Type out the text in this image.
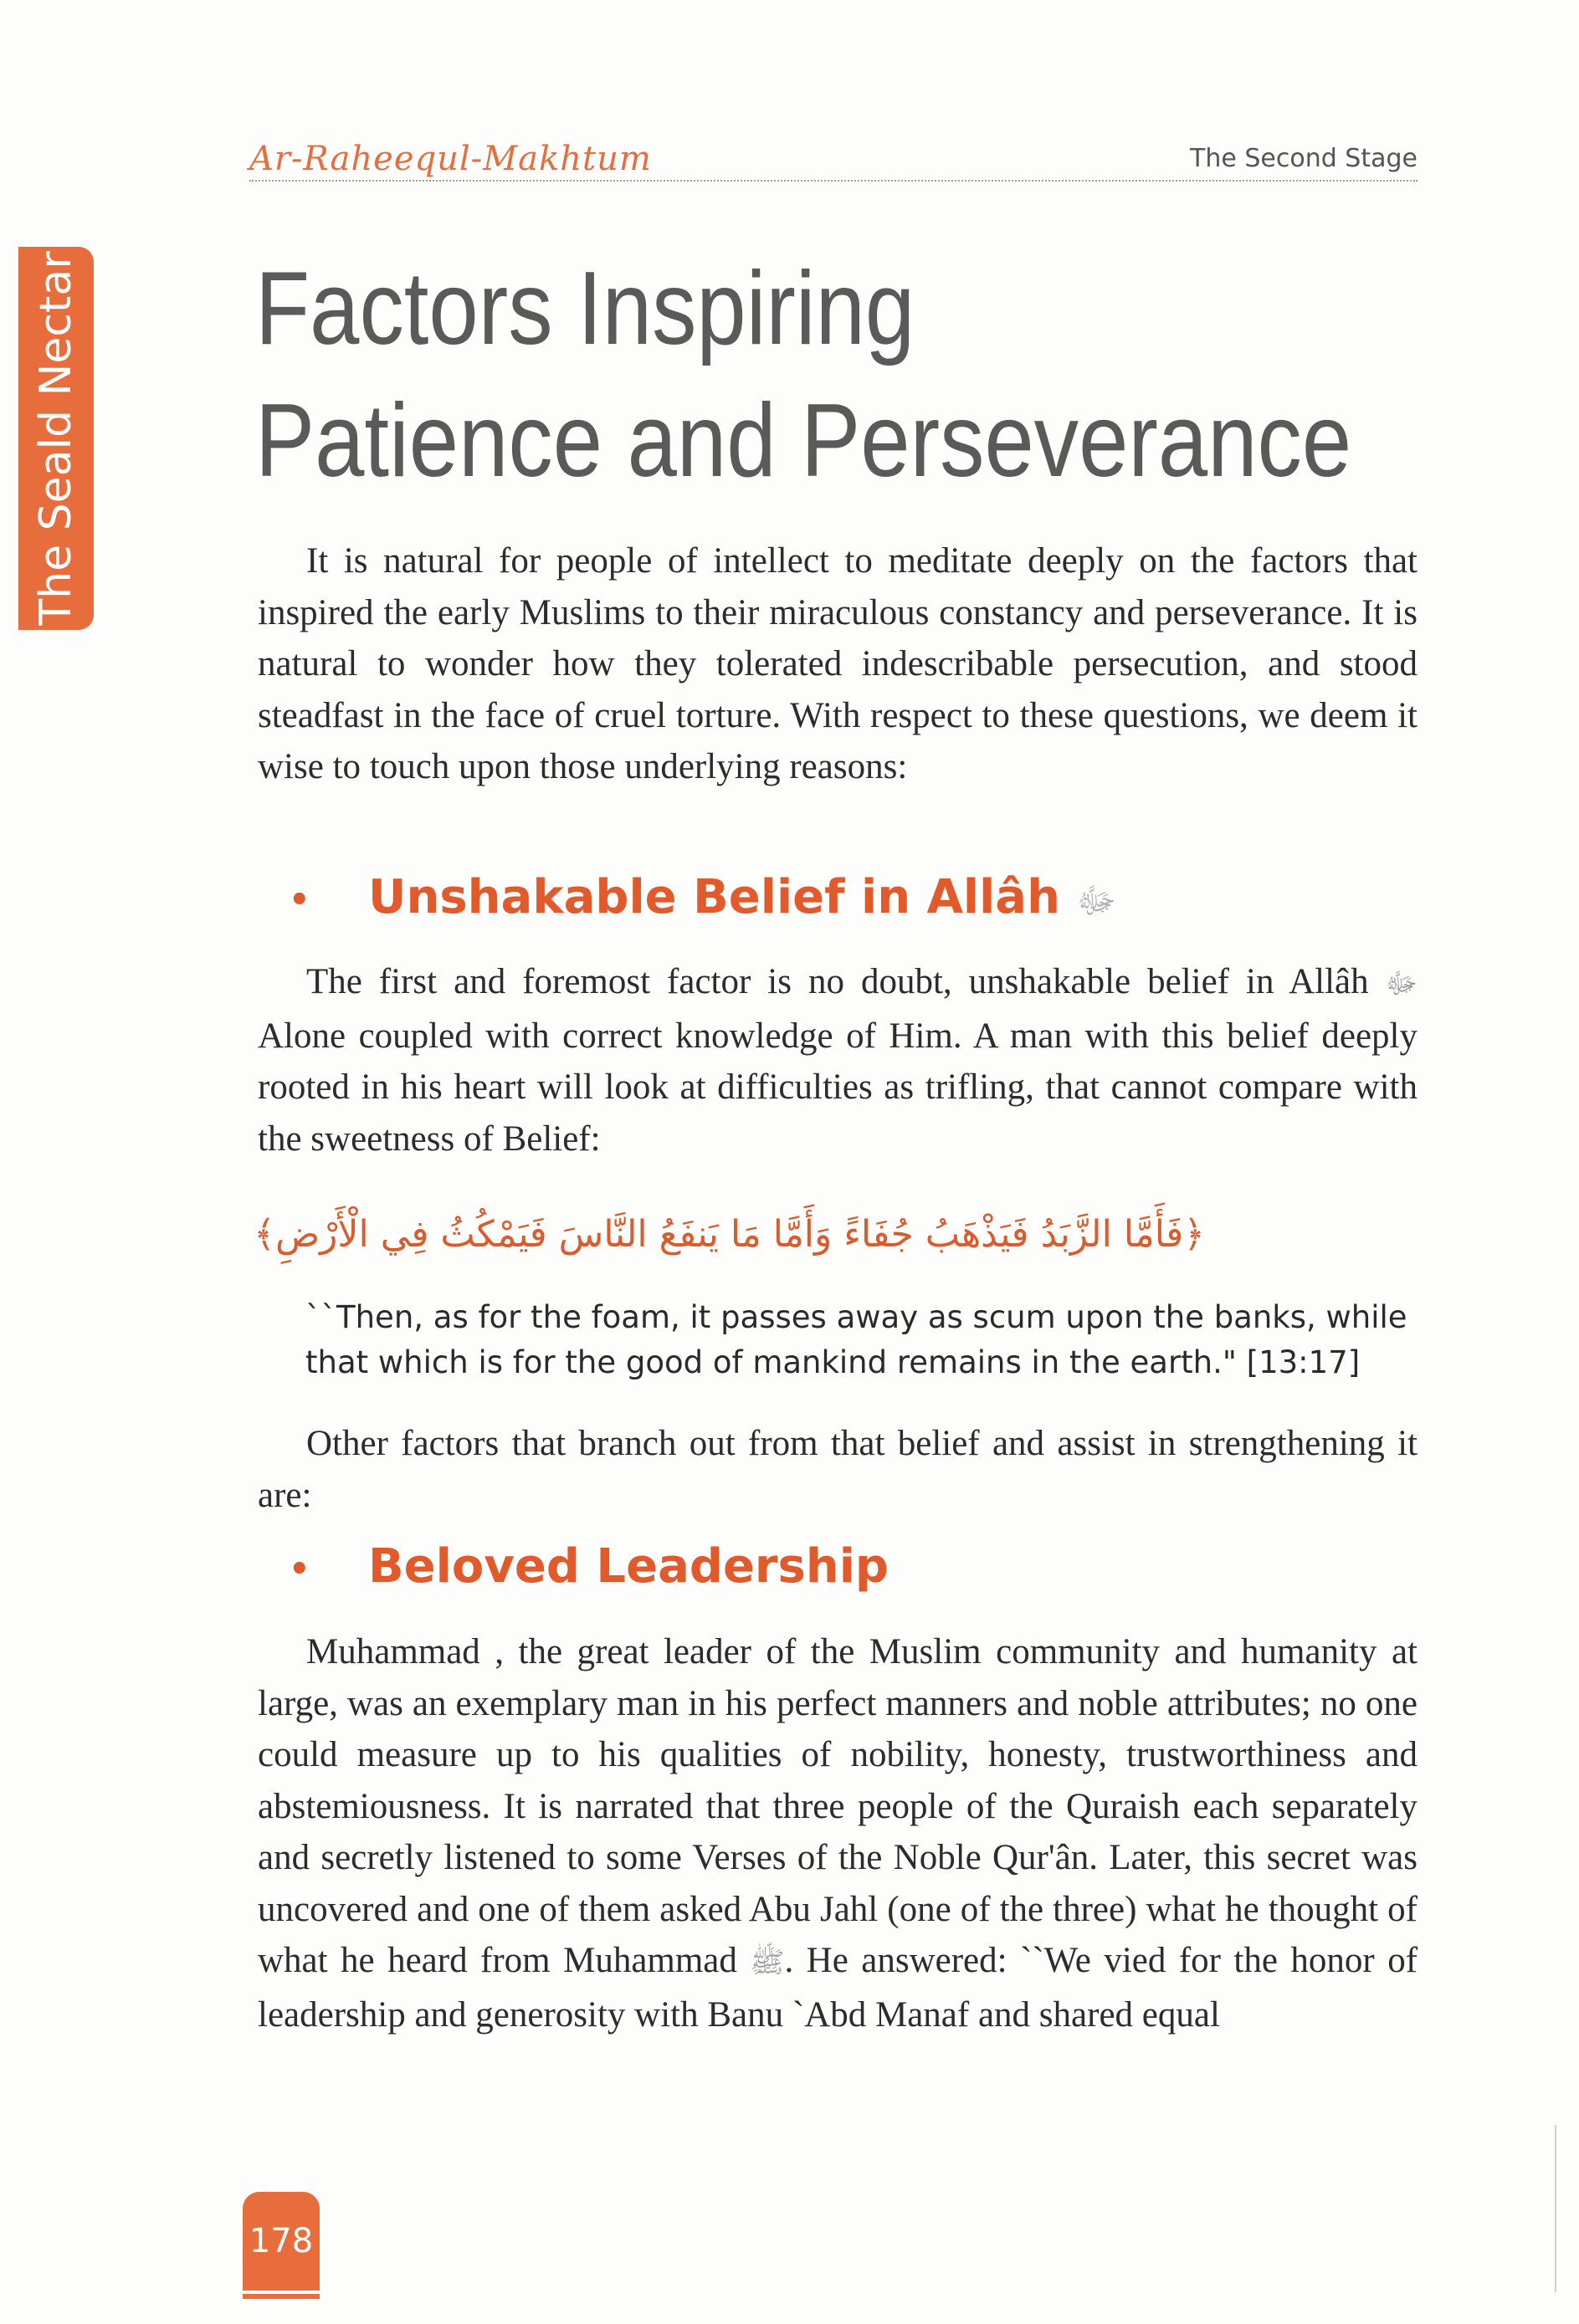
The Seald Nectar
Ar-Raheequl-Makhtum	The Second Stage
Factors Inspiring
Patience and Perseverance

It is natural for people of intellect to meditate deeply on the factors that inspired the early Muslims to their miraculous constancy and perseverance. It is natural to wonder how they tolerated indescribable persecution, and stood steadfast in the face of cruel torture. With respect to these questions, we deem it wise to touch upon those underlying reasons:

• Unshakable Belief in Allâh ﷻ

The first and foremost factor is no doubt, unshakable belief in Allâh ﷻ Alone coupled with correct knowledge of Him. A man with this belief deeply rooted in his heart will look at difficulties as trifling, that cannot compare with the sweetness of Belief:

﴿فَأَمَّا الزَّبَدُ فَيَذْهَبُ جُفَاءً وَأَمَّا مَا يَنفَعُ النَّاسَ فَيَمْكُثُ فِي الْأَرْضِ﴾

``Then, as for the foam, it passes away as scum upon the banks, while that which is for the good of mankind remains in the earth." [13:17]

Other factors that branch out from that belief and assist in strengthening it are:

• Beloved Leadership

Muhammad , the great leader of the Muslim community and humanity at large, was an exemplary man in his perfect manners and noble attributes; no one could measure up to his qualities of nobility, honesty, trustworthiness and abstemiousness. It is narrated that three people of the Quraish each separately and secretly listened to some Verses of the Noble Qur'ân. Later, this secret was uncovered and one of them asked Abu Jahl (one of the three) what he thought of what he heard from Muhammad ﷺ. He answered: ``We vied for the honor of leadership and generosity with Banu `Abd Manaf and shared equal

178
